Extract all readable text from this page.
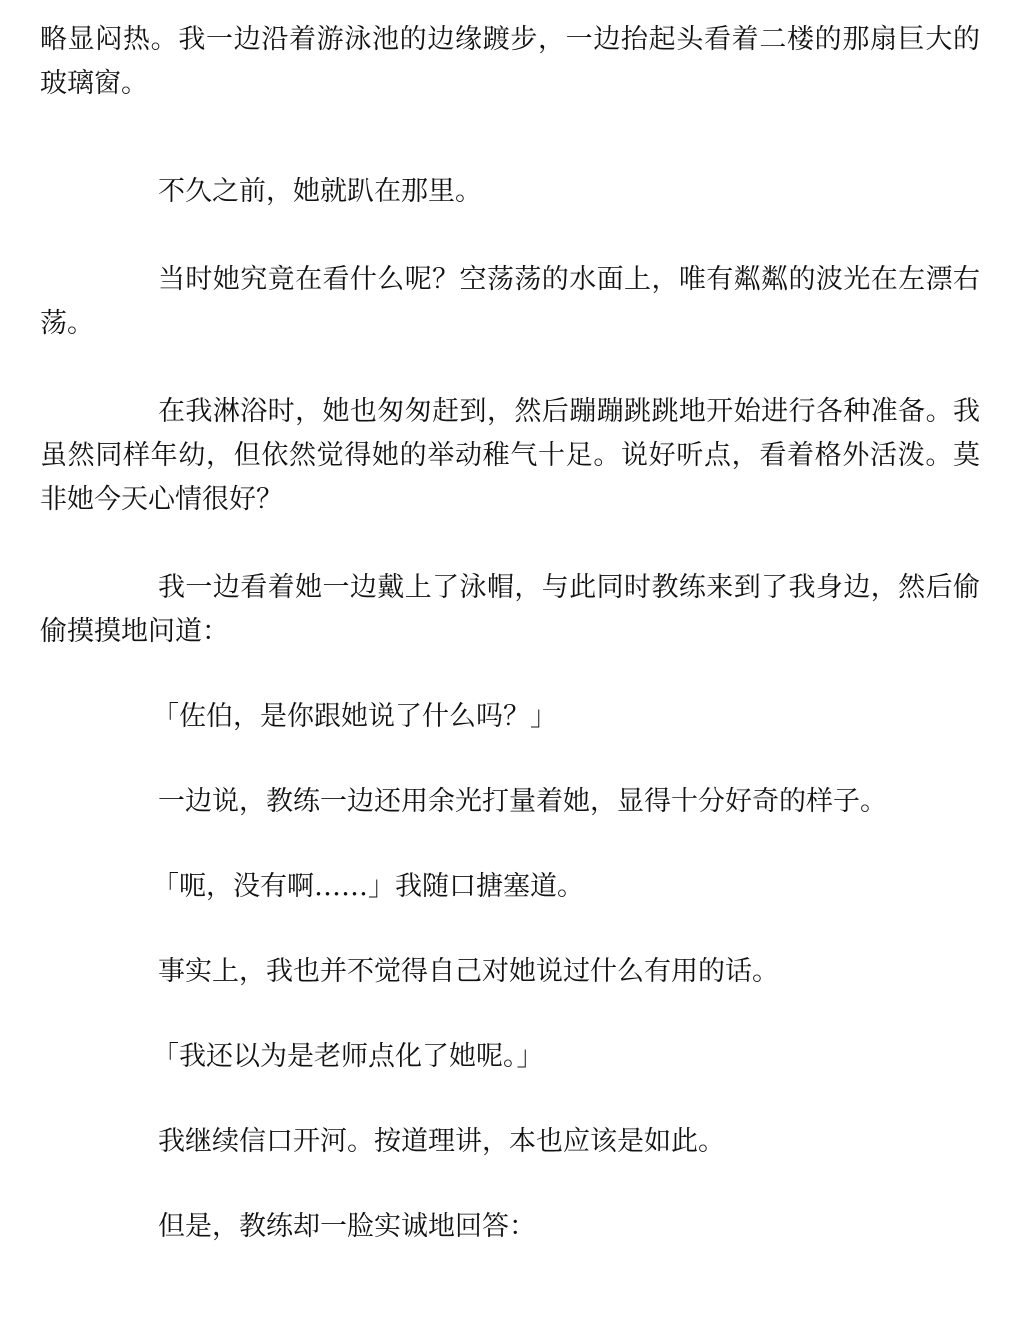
略显闷热。我一边沿着游泳池的边缘踱步，一边抬起头看着二楼的那扇巨大的玻璃窗。

不久之前，她就趴在那里。

当时她究竟在看什么呢？空荡荡的水面上，唯有粼粼的波光在左漂右荡。

在我淋浴时，她也匆匆赶到，然后蹦蹦跳跳地开始进行各种准备。我虽然同样年幼，但依然觉得她的举动稚气十足。说好听点，看着格外活泼。莫非她今天心情很好？

我一边看着她一边戴上了泳帽，与此同时教练来到了我身边，然后偷偷摸摸地问道：

「佐伯，是你跟她说了什么吗？」

一边说，教练一边还用余光打量着她，显得十分好奇的样子。

「呃，没有啊……」我随口搪塞道。

事实上，我也并不觉得自己对她说过什么有用的话。

「我还以为是老师点化了她呢。」

我继续信口开河。按道理讲，本也应该是如此。

但是，教练却一脸实诚地回答：
